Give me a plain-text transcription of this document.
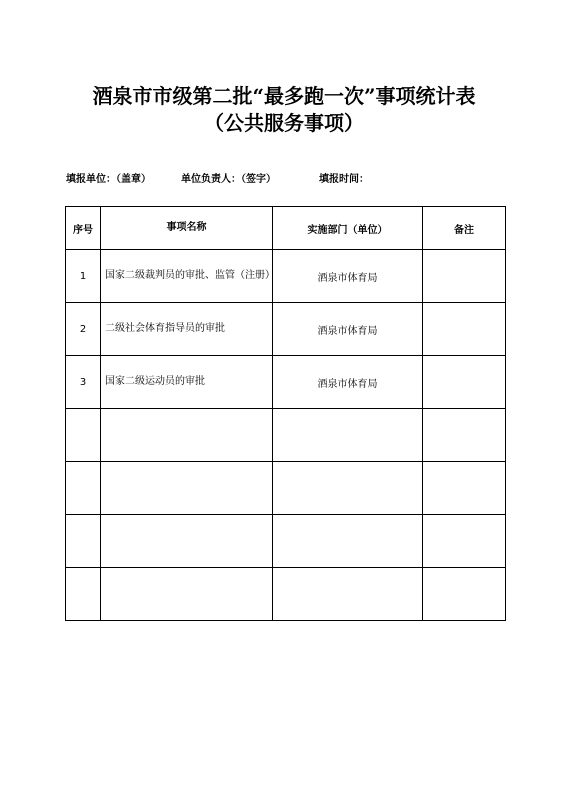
酒泉市市级第二批“最多跑一次”事项统计表
（公共服务事项）
填报单位：（盖章）	单位负责人：（签字）	填报时间：
序号	事项名称	实施部门（单位）	备注
1	国家二级裁判员的审批、监管（注册）	酒泉市体育局	
2	二级社会体育指导员的审批	酒泉市体育局	
3	国家二级运动员的审批	酒泉市体育局	
